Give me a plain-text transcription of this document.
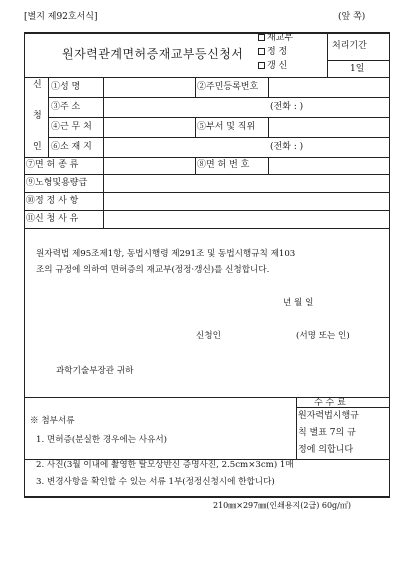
[별지 제92호서식]	(앞 쪽)
원자력관계면허증재교부등신청서
재교부
정 정
갱 신
처리기간
1일
신
청
인
①성 명	②주민등록번호
③주 소	(전화 : )
④근 무 처	⑤부서 및 직위
⑥소 재 지	(전화 : )
⑦면 허 종 류	⑧면 허 번 호
⑨노형및용량급
⑩정 정 사 항
⑪신 청 사 유
원자력법 제95조제1항, 동법시행령 제291조 및 동법시행규칙 제103
조의 규정에 의하여 면허증의 재교부(정정·갱신)를 신청합니다.
년 월 일
신청인	(서명 또는 인)
과학기술부장관 귀하
※ 첨부서류
1. 면허증(분실한 경우에는 사유서)
2. 사진(3월 이내에 촬영한 탈모상반신 증명사진, 2.5cm×3cm) 1매
3. 변경사항을 확인할 수 있는 서류 1부(정정신청시에 한합니다)
수 수 료
원자력법시행규
칙 별표 7의 규
정에 의합니다
210㎜×297㎜(인쇄용지(2급) 60g/㎡)
